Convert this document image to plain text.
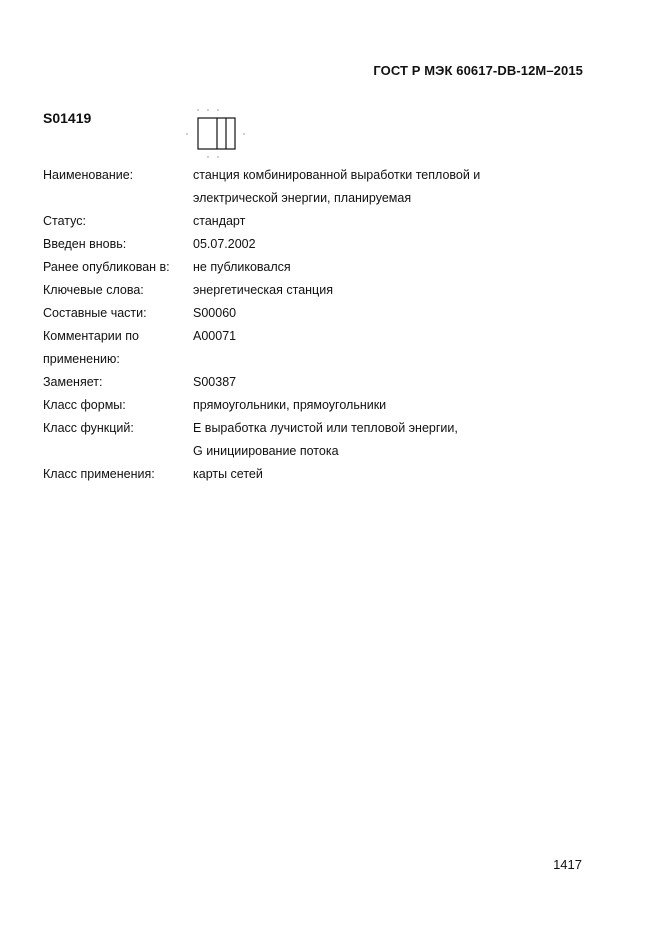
ГОСТ Р МЭК 60617-DB-12M–2015
S01419
Наименование:	станция комбинированной выработки тепловой и
электрической энергии, планируемая
Статус:	стандарт
Введен вновь:	05.07.2002
Ранее опубликован в:	не публиковался
Ключевые слова:	энергетическая станция
Составные части:	S00060
Комментарии по применению:
A00071

Заменяет:	S00387
Класс формы:	прямоугольники, прямоугольники
Класс функций:	E выработка лучистой или тепловой энергии,
G инициирование потока
Класс применения:	карты сетей
1417
